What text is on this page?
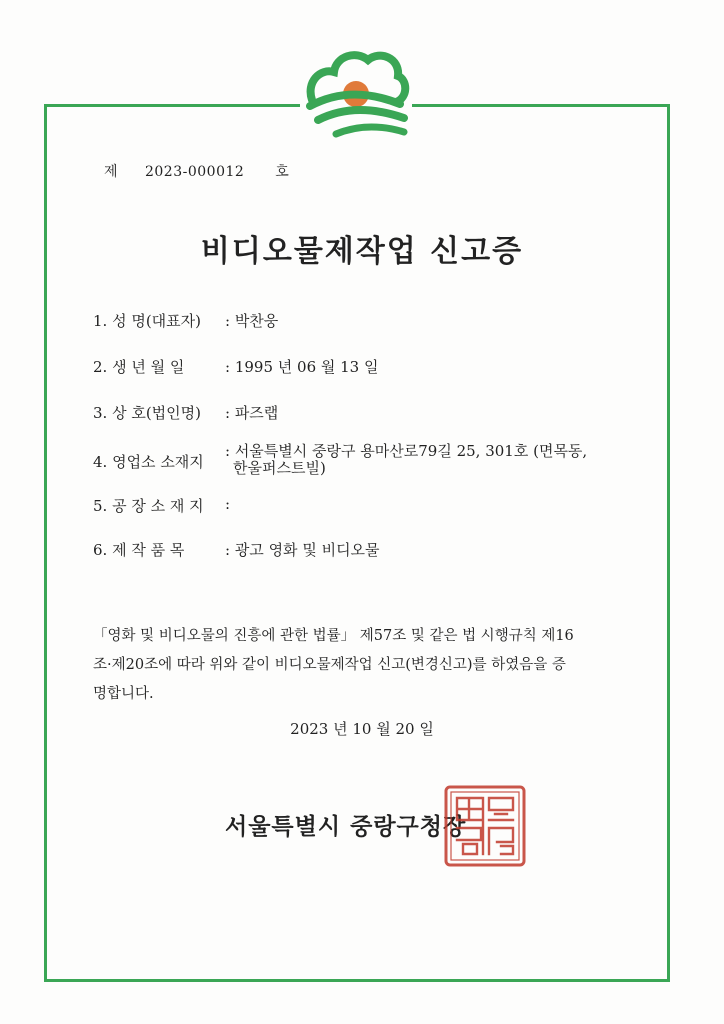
제 2023-000012 호
비디오물제작업 신고증
1. 성 명(대표자)	: 박찬웅
2. 생 년 월 일	: 1995 년 06 월 13 일
3. 상 호(법인명)	: 파즈랩
4. 영업소 소재지
: 서울특별시 중랑구 용마산로79길 25, 301호 (면목동,
한울퍼스트빌)
5. 공 장 소 재 지	:
6. 제 작 품 목	: 광고 영화 및 비디오물
「영화 및 비디오물의 진흥에 관한 법률」 제57조 및 같은 법 시행규칙 제16
조·제20조에 따라 위와 같이 비디오물제작업 신고(변경신고)를 하였음을 증
명합니다.
2023 년 10 월 20 일
서울특별시 중랑구청장
